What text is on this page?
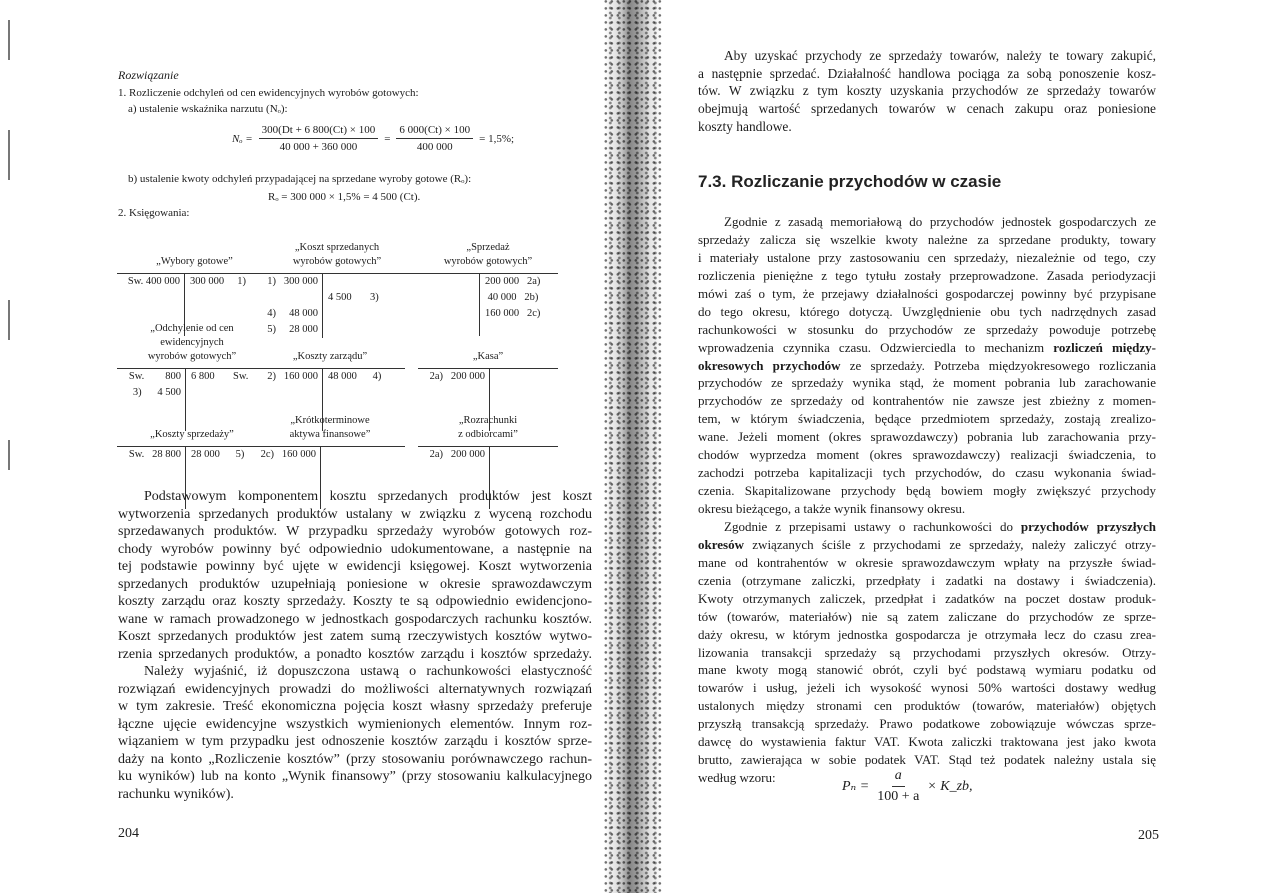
Rozwiązanie
1. Rozliczenie odchyleń od cen ewidencyjnych wyrobów gotowych:
a) ustalenie wskaźnika narzutu (Nₒ):
$N_o = \frac{300(Dt + 6 800(Ct) \times 100}{40 000 + 360 000} = \frac{6 000(Ct) \times 100}{400 000} = 1,5\%$;
b) ustalenie kwoty odchyleń przypadającej na sprzedane wyroby gotowe (Rₒ):
Rₒ = 300 000 × 1,5% = 4 500 (Ct).
2. Księgowania:
„Wybory gotowe”
Sw. 400 000 300 000     1)
„Koszt sprzedanych
wyrobów gotowych”
1)   300 000
4)     48 000
5)     28 000
4 500       3)
„Sprzedaż
wyrobów gotowych”
200 000   2a)
40 000   2b)
160 000   2c)
„Odchylenie od cen
ewidencyjnych
wyrobów gotowych”
Sw.        800
3)      4 500
6 800       Sw.
„Koszty zarządu”
2)   160 000 48 000      4)
„Kasa”
2a)   200 000
„Koszty sprzedaży”
Sw.   28 800 28 000      5)
„Krótkoterminowe
aktywa finansowe”
2c)   160 000
„Rozrachunki
z odbiorcami”
2a)   200 000
Podstawowym komponentem kosztu sprzedanych produktów jest koszt
wytworzenia sprzedanych produktów ustalany w związku z wyceną rozchodu
sprzedawanych produktów. W przypadku sprzedaży wyrobów gotowych roz-
chody wyrobów powinny być odpowiednio udokumentowane, a następnie na
tej podstawie powinny być ujęte w ewidencji księgowej. Koszt wytworzenia
sprzedanych produktów uzupełniają poniesione w okresie sprawozdawczym
koszty zarządu oraz koszty sprzedaży. Koszty te są odpowiednio ewidencjono-
wane w ramach prowadzonego w jednostkach gospodarczych rachunku kosztów.
Koszt sprzedanych produktów jest zatem sumą rzeczywistych kosztów wytwo-
rzenia sprzedanych produktów, a ponadto kosztów zarządu i kosztów sprzedaży.
Należy wyjaśnić, iż dopuszczona ustawą o rachunkowości elastyczność
rozwiązań ewidencyjnych prowadzi do możliwości alternatywnych rozwiązań
w tym zakresie. Treść ekonomiczna pojęcia koszt własny sprzedaży preferuje
łączne ujęcie ewidencyjne wszystkich wymienionych elementów. Innym roz-
wiązaniem w tym przypadku jest odnoszenie kosztów zarządu i kosztów sprze-
daży na konto „Rozliczenie kosztów” (przy stosowaniu porównawczego rachun-
ku wyników) lub na konto „Wynik finansowy” (przy stosowaniu kalkulacyjnego
rachunku wyników).
204
Aby uzyskać przychody ze sprzedaży towarów, należy te towary zakupić,
a następnie sprzedać. Działalność handlowa pociąga za sobą ponoszenie kosz-
tów. W związku z tym koszty uzyskania przychodów ze sprzedaży towarów
obejmują wartość sprzedanych towarów w cenach zakupu oraz poniesione
koszty handlowe.
7.3. Rozliczanie przychodów w czasie
Zgodnie z zasadą memoriałową do przychodów jednostek gospodarczych ze
sprzedaży zalicza się wszelkie kwoty należne za sprzedane produkty, towary
i materiały ustalone przy zastosowaniu cen sprzedaży, niezależnie od tego, czy
rozliczenia pieniężne z tego tytułu zostały przeprowadzone. Zasada periodyzacji
mówi zaś o tym, że przejawy działalności gospodarczej powinny być przypisane
do tego okresu, którego dotyczą. Uwzględnienie obu tych nadrzędnych zasad
rachunkowości w stosunku do przychodów ze sprzedaży powoduje potrzebę
wprowadzenia czynnika czasu. Odzwierciedla to mechanizm rozliczeń między-
okresowych przychodów ze sprzedaży. Potrzeba międzyokresowego rozliczania
przychodów ze sprzedaży wynika stąd, że moment pobrania lub zarachowanie
przychodów ze sprzedaży od kontrahentów nie zawsze jest zbieżny z momen-
tem, w którym świadczenia, będące przedmiotem sprzedaży, zostają zrealizo-
wane. Jeżeli moment (okres sprawozdawczy) pobrania lub zarachowania przy-
chodów wyprzedza moment (okres sprawozdawczy) realizacji świadczenia, to
zachodzi potrzeba kapitalizacji tych przychodów, do czasu wykonania świad-
czenia. Skapitalizowane przychody będą bowiem mogły zwiększyć przychody
okresu bieżącego, a także wynik finansowy okresu.
Zgodnie z przepisami ustawy o rachunkowości do przychodów przyszłych
okresów związanych ściśle z przychodami ze sprzedaży, należy zaliczyć otrzy-
mane od kontrahentów w okresie sprawozdawczym wpłaty na przyszłe świad-
czenia (otrzymane zaliczki, przedpłaty i zadatki na dostawy i świadczenia).
Kwoty otrzymanych zaliczek, przedpłat i zadatków na poczet dostaw produk-
tów (towarów, materiałów) nie są zatem zaliczane do przychodów ze sprze-
daży okresu, w którym jednostka gospodarcza je otrzymała lecz do czasu zrea-
lizowania transakcji sprzedaży są przychodami przyszłych okresów. Otrzy-
mane kwoty mogą stanowić obrót, czyli być podstawą wymiaru podatku od
towarów i usług, jeżeli ich wysokość wynosi 50% wartości dostawy według
ustalonych między stronami cen produktów (towarów, materiałów) objętych
przyszłą transakcją sprzedaży. Prawo podatkowe zobowiązuje wówczas sprze-
dawcę do wystawienia faktur VAT. Kwota zaliczki traktowana jest jako kwota
brutto, zawierająca w sobie podatek VAT. Stąd też podatek należny ustala się
według wzoru:
$P_n = \frac{a}{100 + a}$ × K_zb,
205
